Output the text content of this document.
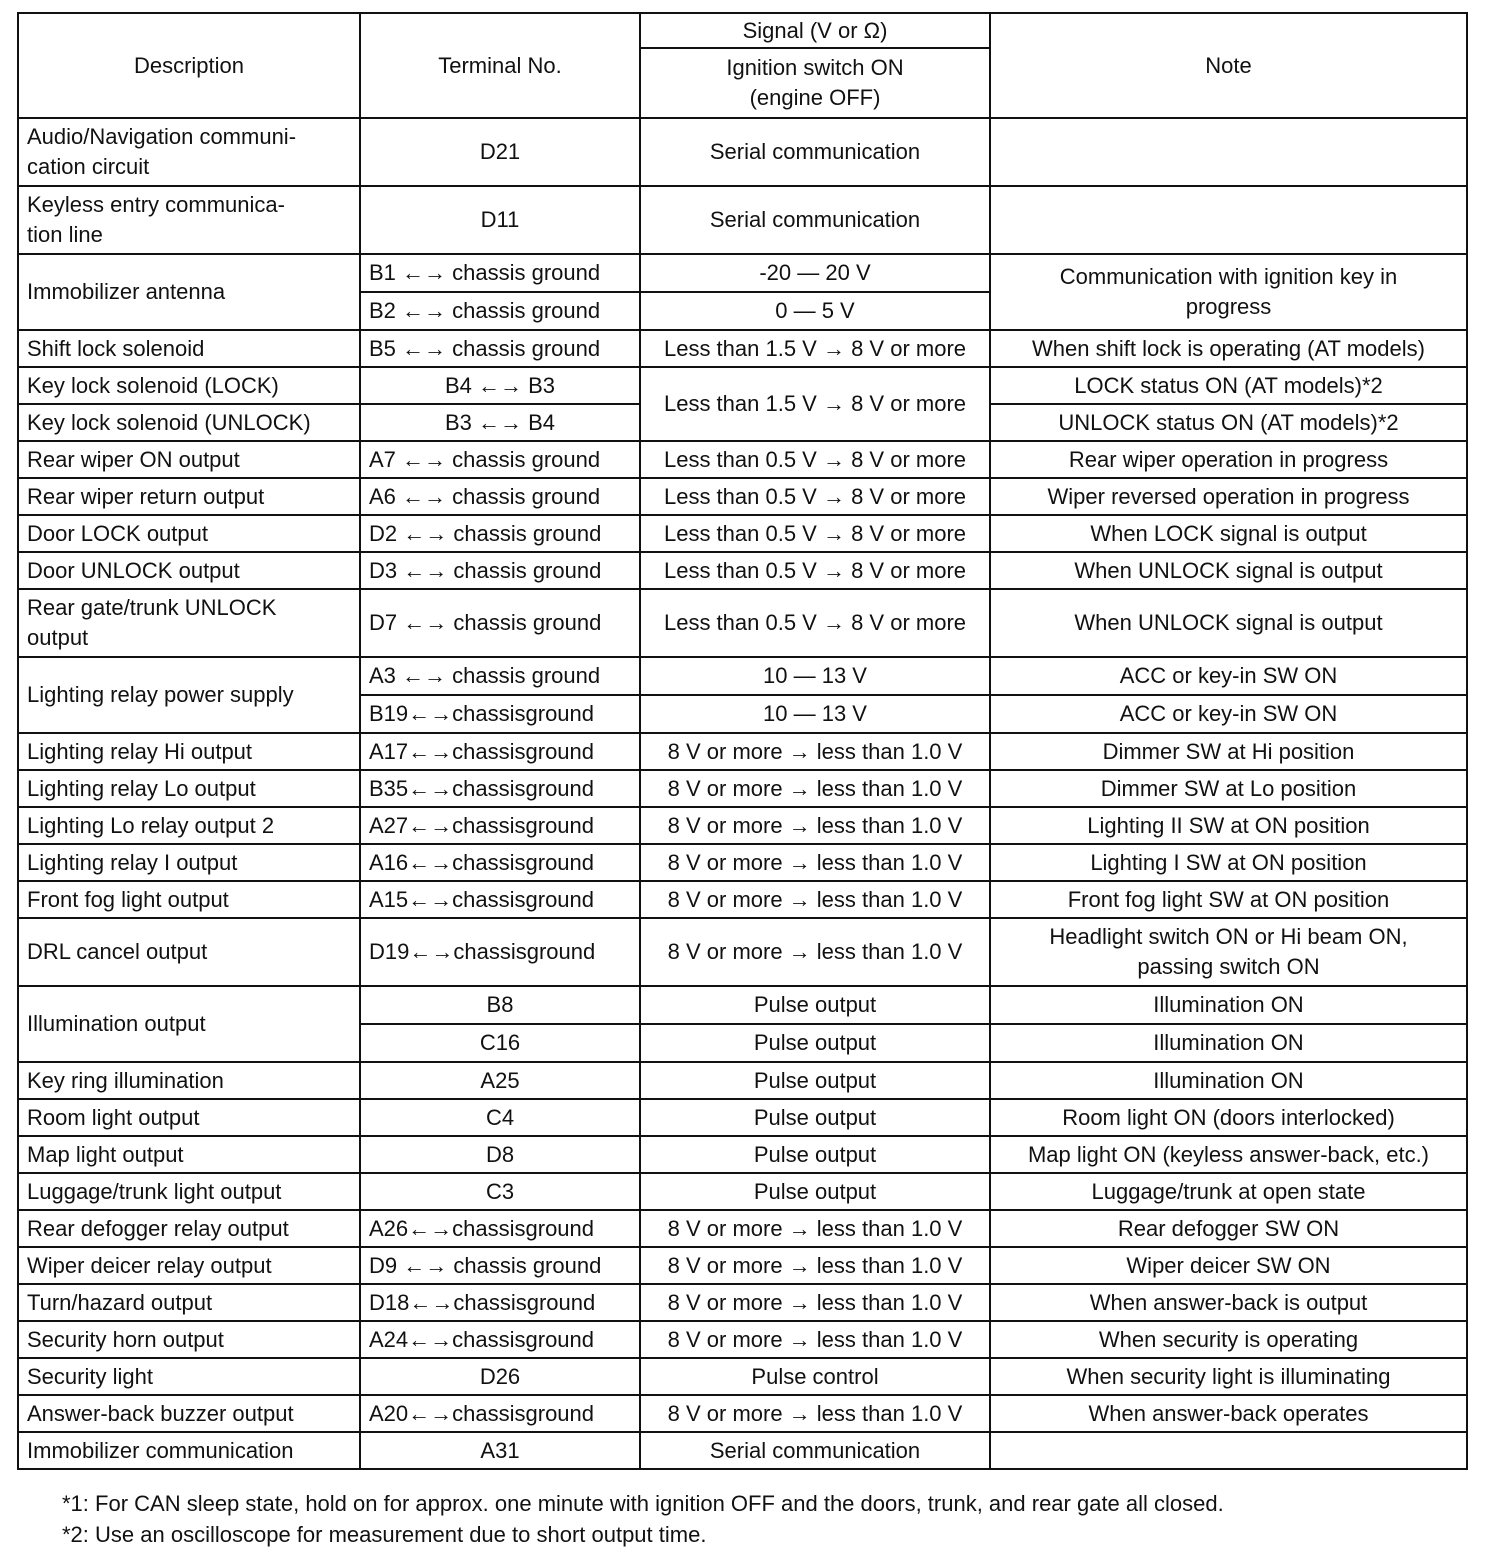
Description	Terminal No.	Signal (V or Ω)	Note
		Ignition switch ON
(engine OFF)	
Audio/Navigation communi-
cation circuit	D21	Serial communication	
Keyless entry communica-
tion line	D11	Serial communication	
Immobilizer antenna	B1 ←→ chassis ground	-20 — 20 V	Communication with ignition key in progress
	B2 ←→ chassis ground	0 — 5 V	
Shift lock solenoid	B5 ←→ chassis ground	Less than 1.5 V → 8 V or more	When shift lock is operating (AT models)
Key lock solenoid (LOCK)	B4 ←→ B3	Less than 1.5 V → 8 V or more	LOCK status ON (AT models)*2
Key lock solenoid (UNLOCK)	B3 ←→ B4		UNLOCK status ON (AT models)*2
Rear wiper ON output	A7 ←→ chassis ground	Less than 0.5 V → 8 V or more	Rear wiper operation in progress
Rear wiper return output	A6 ←→ chassis ground	Less than 0.5 V → 8 V or more	Wiper reversed operation in progress
Door LOCK output	D2 ←→ chassis ground	Less than 0.5 V → 8 V or more	When LOCK signal is output
Door UNLOCK output	D3 ←→ chassis ground	Less than 0.5 V → 8 V or more	When UNLOCK signal is output
Rear gate/trunk UNLOCK
output	D7 ←→ chassis ground	Less than 0.5 V → 8 V or more	When UNLOCK signal is output
Lighting relay power supply	A3 ←→ chassis ground	10 — 13 V	ACC or key-in SW ON
	B19←→chassisground	10 — 13 V	ACC or key-in SW ON
Lighting relay Hi output	A17←→chassisground	8 V or more → less than 1.0 V	Dimmer SW at Hi position
Lighting relay Lo output	B35←→chassisground	8 V or more → less than 1.0 V	Dimmer SW at Lo position
Lighting Lo relay output 2	A27←→chassisground	8 V or more → less than 1.0 V	Lighting II SW at ON position
Lighting relay I output	A16←→chassisground	8 V or more → less than 1.0 V	Lighting I SW at ON position
Front fog light output	A15←→chassisground	8 V or more → less than 1.0 V	Front fog light SW at ON position
DRL cancel output	D19←→chassisground	8 V or more → less than 1.0 V	Headlight switch ON or Hi beam ON,
passing switch ON
Illumination output	B8	Pulse output	Illumination ON
	C16	Pulse output	Illumination ON
Key ring illumination	A25	Pulse output	Illumination ON
Room light output	C4	Pulse output	Room light ON (doors interlocked)
Map light output	D8	Pulse output	Map light ON (keyless answer-back, etc.)
Luggage/trunk light output	C3	Pulse output	Luggage/trunk at open state
Rear defogger relay output	A26←→chassisground	8 V or more → less than 1.0 V	Rear defogger SW ON
Wiper deicer relay output	D9 ←→ chassis ground	8 V or more → less than 1.0 V	Wiper deicer SW ON
Turn/hazard output	D18←→chassisground	8 V or more → less than 1.0 V	When answer-back is output
Security horn output	A24←→chassisground	8 V or more → less than 1.0 V	When security is operating
Security light	D26	Pulse control	When security light is illuminating
Answer-back buzzer output	A20←→chassisground	8 V or more → less than 1.0 V	When answer-back operates
Immobilizer communication	A31	Serial communication	
*1: For CAN sleep state, hold on for approx. one minute with ignition OFF and the doors, trunk, and rear gate all closed.
*2: Use an oscilloscope for measurement due to short output time.
